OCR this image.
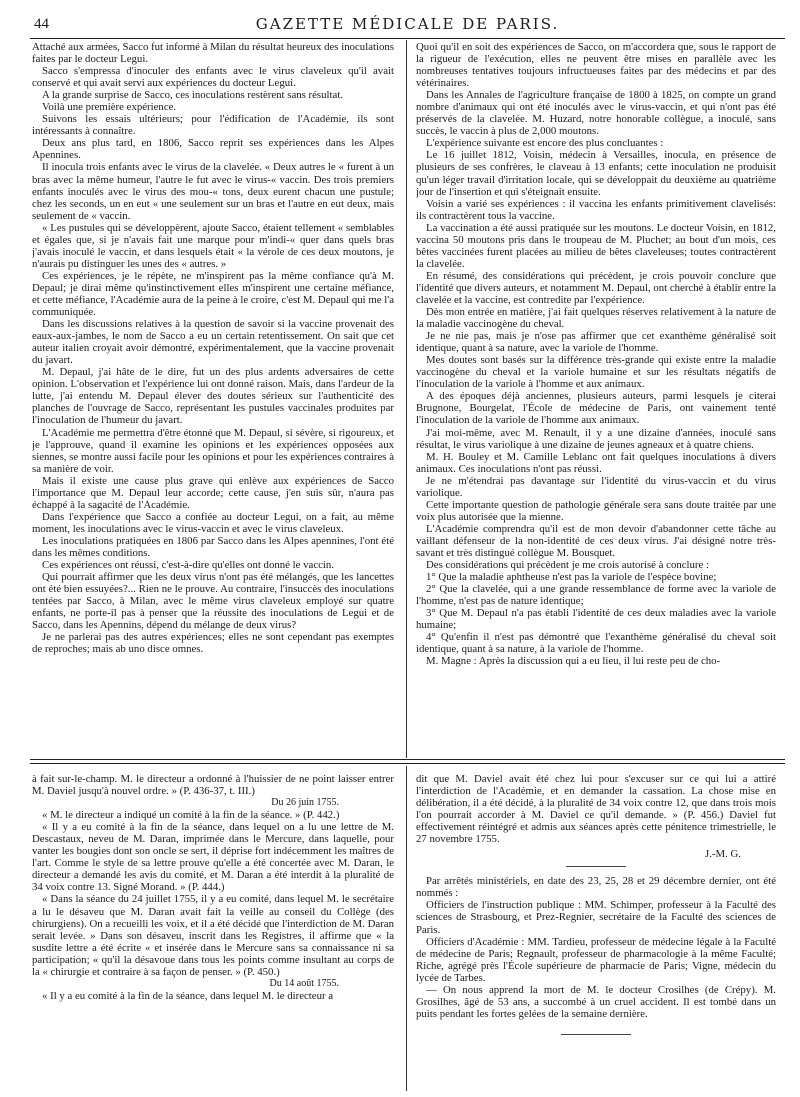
44	GAZETTE MÉDICALE DE PARIS.

Attaché aux armées, Sacco fut informé à Milan du résultat heureux des inoculations faites par le docteur Legui.

Sacco s'empressa d'inoculer des enfants avec le virus claveleux qu'il avait conservé et qui avait servi aux expériences du docteur Legui.

A la grande surprise de Sacco, ces inoculations restèrent sans résultat.

Voilà une première expérience.

Suivons les essais ultérieurs; pour l'édification de l'Académie, ils sont intéressants à connaître.

Deux ans plus tard, en 1806, Sacco reprit ses expériences dans les Alpes Apennines.

Il inocula trois enfants avec le virus de la clavelée. « Deux autres le « furent à un bras avec la même humeur, l'autre le fut avec le virus-« vaccin. Des trois premiers enfants inoculés avec le virus des mou-« tons, deux eurent chacun une pustule; chez les seconds, un en eut « une seulement sur un bras et l'autre en eut deux, mais seulement de « vaccin.

« Les pustules qui se développèrent, ajoute Sacco, étaient tellement « semblables et égales que, si je n'avais fait une marque pour m'indi-« quer dans quels bras j'avais inoculé le vaccin, et dans lesquels était « la vérole de ces deux moutons, je n'aurais pu distinguer les unes des « autres. »

Ces expériences, je le répète, ne m'inspirent pas la même confiance qu'à M. Depaul; je dirai même qu'instinctivement elles m'inspirent une certaine méfiance, et cette méfiance, l'Académie aura de la peine à le croire, c'est M. Depaul qui me l'a communiquée.

Dans les discussions relatives à la question de savoir si la vaccine provenait des eaux-aux-jambes, le nom de Sacco a eu un certain retentissement. On sait que cet auteur italien croyait avoir démontré, expérimentalement, que la vaccine provenait du javart.

M. Depaul, j'ai hâte de le dire, fut un des plus ardents adversaires de cette opinion. L'observation et l'expérience lui ont donné raison. Mais, dans l'ardeur de la lutte, j'ai entendu M. Depaul élever des doutes sérieux sur l'authenticité des planches de l'ouvrage de Sacco, représentant les pustules vaccinales produites par l'inoculation de l'humeur du javart.

L'Académie me permettra d'être étonné que M. Depaul, si sévère, si rigoureux, et je l'approuve, quand il examine les opinions et les expériences opposées aux siennes, se montre aussi facile pour les opinions et pour les expériences contraires à sa manière de voir.

Mais il existe une cause plus grave qui enlève aux expériences de Sacco l'importance que M. Depaul leur accorde; cette cause, j'en suis sûr, n'aura pas échappé à la sagacité de l'Académie.

Dans l'expérience que Sacco a confiée au docteur Legui, on a fait, au même moment, les inoculations avec le virus-vaccin et avec le virus claveleux.

Les inoculations pratiquées en 1806 par Sacco dans les Alpes apennines, l'ont été dans les mêmes conditions.

Ces expériences ont réussi, c'est-à-dire qu'elles ont donné le vaccin.

Qui pourrait affirmer que les deux virus n'ont pas été mélangés, que les lancettes ont été bien essuyées?... Rien ne le prouve. Au contraire, l'insuccès des inoculations tentées par Sacco, à Milan, avec le même virus claveleux employé sur quatre enfants, ne porte-il pas à penser que la réussite des inoculations de Legui et de Sacco, dans les Apennins, dépend du mélange de deux virus?

Je ne parlerai pas des autres expériences; elles ne sont cependant pas exemptes de reproches; mais ab uno disce omnes.

Quoi qu'il en soit des expériences de Sacco, on m'accordera que, sous le rapport de la rigueur de l'exécution, elles ne peuvent être mises en parallèle avec les nombreuses tentatives toujours infructueuses faites par des médecins et par des vétérinaires.

Dans les Annales de l'agriculture française de 1800 à 1825, on compte un grand nombre d'animaux qui ont été inoculés avec le virus-vaccin, et qui n'ont pas été préservés de la clavelée. M. Huzard, notre honorable collègue, a inoculé, sans succès, le vaccin à plus de 2,000 moutons.

L'expérience suivante est encore des plus concluantes :

Le 16 juillet 1812, Voisin, médecin à Versailles, inocula, en présence de plusieurs de ses confrères, le claveau à 13 enfants; cette inoculation ne produisit qu'un léger travail d'irritation locale, qui se développait du deuxième au quatrième jour de l'insertion et qui s'éteignait ensuite.

Voisin a varié ses expériences : il vaccina les enfants primitivement clavelisés: ils contractèrent tous la vaccine.

La vaccination a été aussi pratiquée sur les moutons. Le docteur Voisin, en 1812, vaccina 50 moutons pris dans le troupeau de M. Pluchet; au bout d'un mois, ces bêtes vaccinées furent placées au milieu de bêtes claveleuses; toutes contractèrent la clavelée.

En résumé, des considérations qui précèdent, je crois pouvoir conclure que l'identité que divers auteurs, et notamment M. Depaul, ont cherché à établir entre la clavelée et la vaccine, est contredite par l'expérience.

Dès mon entrée en matière, j'ai fait quelques réserves relativement à la nature de la maladie vaccinogène du cheval.

Je ne nie pas, mais je n'ose pas affirmer que cet exanthème généralisé soit identique, quant à sa nature, avec la variole de l'homme.

Mes doutes sont basés sur la différence très-grande qui existe entre la maladie vaccinogène du cheval et la variole humaine et sur les résultats négatifs de l'inoculation de la variole à l'homme et aux animaux.

A des époques déjà anciennes, plusieurs auteurs, parmi lesquels je citerai Brugnone, Bourgelat, l'École de médecine de Paris, ont vainement tenté l'inoculation de la variole de l'homme aux animaux.

J'ai moi-même, avec M. Renault, il y a une dizaine d'années, inoculé sans résultat, le virus variolique à une dizaine de jeunes agneaux et à quatre chiens.

M. H. Bouley et M. Camille Leblanc ont fait quelques inoculations à divers animaux. Ces inoculations n'ont pas réussi.

Je ne m'étendrai pas davantage sur l'identité du virus-vaccin et du virus variolique.

Cette importante question de pathologie générale sera sans doute traitée par une voix plus autorisée que la mienne.

L'Académie comprendra qu'il est de mon devoir d'abandonner cette tâche au vaillant défenseur de la non-identité de ces deux virus. J'ai désigné notre très-savant et très distingué collègue M. Bousquet.

Des considérations qui précèdent je me crois autorisé à conclure :

1° Que la maladie aphtheuse n'est pas la variole de l'espèce bovine;

2° Que la clavelée, qui a une grande ressemblance de forme avec la variole de l'homme, n'est pas de nature identique;

3° Que M. Depaul n'a pas établi l'identité de ces deux maladies avec la variole humaine;

4° Qu'enfin il n'est pas démontré que l'exanthème généralisé du cheval soit identique, quant à sa nature, à la variole de l'homme.

M. Magne : Après la discussion qui a eu lieu, il lui reste peu de cho-

à fait sur-le-champ. M. le directeur a ordonné à l'huissier de ne point laisser entrer M. Daviel jusqu'à nouvel ordre. » (P. 436-37, t. III.)

Du 26 juin 1755.

« M. le directeur a indiqué un comité à la fin de la séance. » (P. 442.)

« Il y a eu comité à la fin de la séance, dans lequel on a lu une lettre de M. Descastaux, neveu de M. Daran, imprimée dans le Mercure, dans laquelle, pour vanter les bougies dont son oncle se sert, il déprise fort indécemment les maîtres de l'art. Comme le style de sa lettre prouve qu'elle a été concertée avec M. Daran, le directeur a demandé les avis du comité, et M. Daran a été interdit à la pluralité de 34 voix contre 13. Signé Morand. » (P. 444.)

« Dans la séance du 24 juillet 1755, il y a eu comité, dans lequel M. le secrétaire a lu le désaveu que M. Daran avait fait la veille au conseil du Collège (des chirurgiens). On a recueilli les voix, et il a été décidé que l'interdiction de M. Daran serait levée. » Dans son désaveu, inscrit dans les Registres, il affirme que « la susdite lettre a été écrite « et insérée dans le Mercure sans sa connaissance ni sa participation; « qu'il la désavoue dans tous les points comme insultant au corps de la « chirurgie et contraire à sa façon de penser. » (P. 450.)

Du 14 août 1755.

« Il y a eu comité à la fin de la séance, dans lequel M. le directeur a

dit que M. Daviel avait été chez lui pour s'excuser sur ce qui lui a attiré l'interdiction de l'Académie, et en demander la cassation. La chose mise en délibération, il a été décidé, à la pluralité de 34 voix contre 12, que dans trois mois l'on pourrait accorder à M. Daviel ce qu'il demande. » (P. 456.) Daviel fut effectivement réintégré et admis aux séances après cette pénitence trimestrielle, le 27 novembre 1755.

J.-M. G.

Par arrêtés ministériels, en date des 23, 25, 28 et 29 décembre dernier, ont été nommés :

Officiers de l'instruction publique : MM. Schimper, professeur à la Faculté des sciences de Strasbourg, et Prez-Regnier, secrétaire de la Faculté des sciences de Paris.

Officiers d'Académie : MM. Tardieu, professeur de médecine légale à la Faculté de médecine de Paris; Regnault, professeur de pharmacologie à la même Faculté; Riche, agrégé près l'École supérieure de pharmacie de Paris; Vigne, médecin du lycée de Tarbes.

— On nous apprend la mort de M. le docteur Crosilhes (de Crépy). M. Grosilhes, âgé de 53 ans, a succombé à un cruel accident. Il est tombé dans un puits pendant les fortes gelées de la semaine dernière.
